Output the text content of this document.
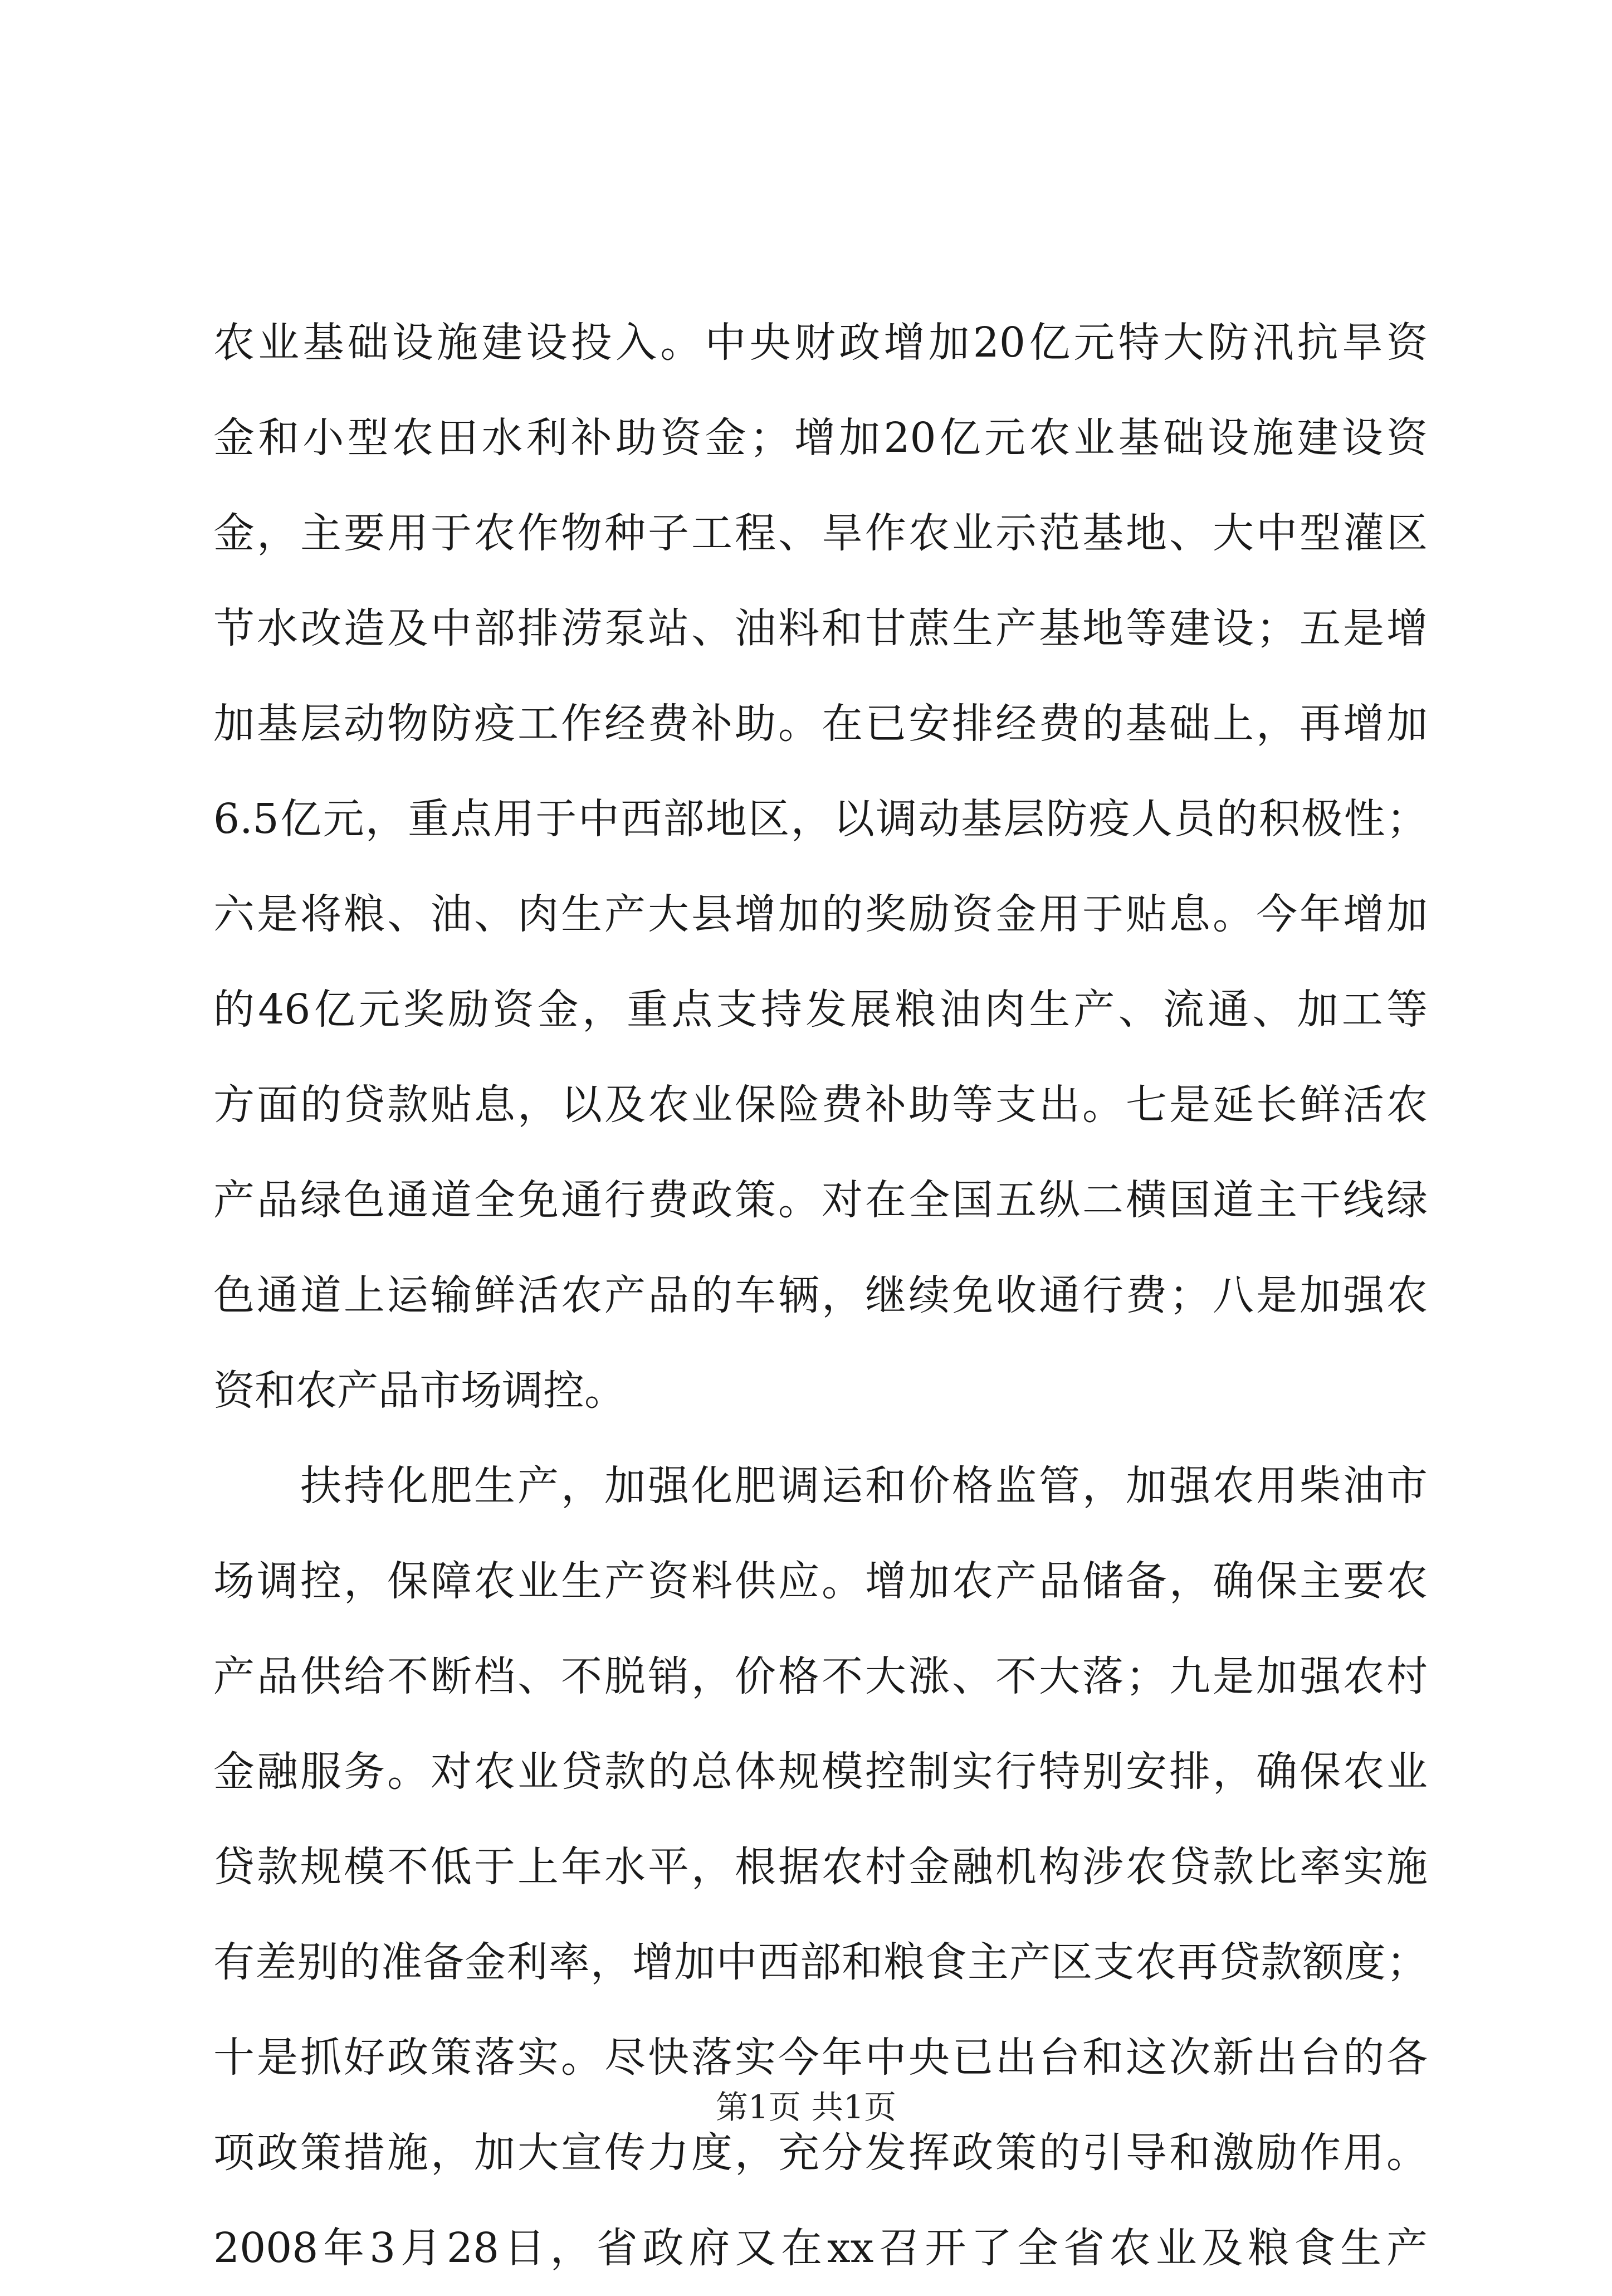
农业基础设施建设投入。中央财政增加20亿元特大防汛抗旱资
金和小型农田水利补助资金；增加20亿元农业基础设施建设资
金，主要用于农作物种子工程、旱作农业示范基地、大中型灌区
节水改造及中部排涝泵站、油料和甘蔗生产基地等建设；五是增
加基层动物防疫工作经费补助。在已安排经费的基础上，再增加
6.5亿元，重点用于中西部地区，以调动基层防疫人员的积极性；
六是将粮、油、肉生产大县增加的奖励资金用于贴息。今年增加
的46亿元奖励资金，重点支持发展粮油肉生产、流通、加工等
方面的贷款贴息，以及农业保险费补助等支出。七是延长鲜活农
产品绿色通道全免通行费政策。对在全国五纵二横国道主干线绿
色通道上运输鲜活农产品的车辆，继续免收通行费；八是加强农
资和农产品市场调控。
扶持化肥生产，加强化肥调运和价格监管，加强农用柴油市
场调控，保障农业生产资料供应。增加农产品储备，确保主要农
产品供给不断档、不脱销，价格不大涨、不大落；九是加强农村
金融服务。对农业贷款的总体规模控制实行特别安排，确保农业
贷款规模不低于上年水平，根据农村金融机构涉农贷款比率实施
有差别的准备金利率，增加中西部和粮食主产区支农再贷款额度；
十是抓好政策落实。尽快落实今年中央已出台和这次新出台的各
项政策措施，加大宣传力度，充分发挥政策的引导和激励作用。
2008年3月28日，省政府又在xx召开了全省农业及粮食生产
第1页 共1页
